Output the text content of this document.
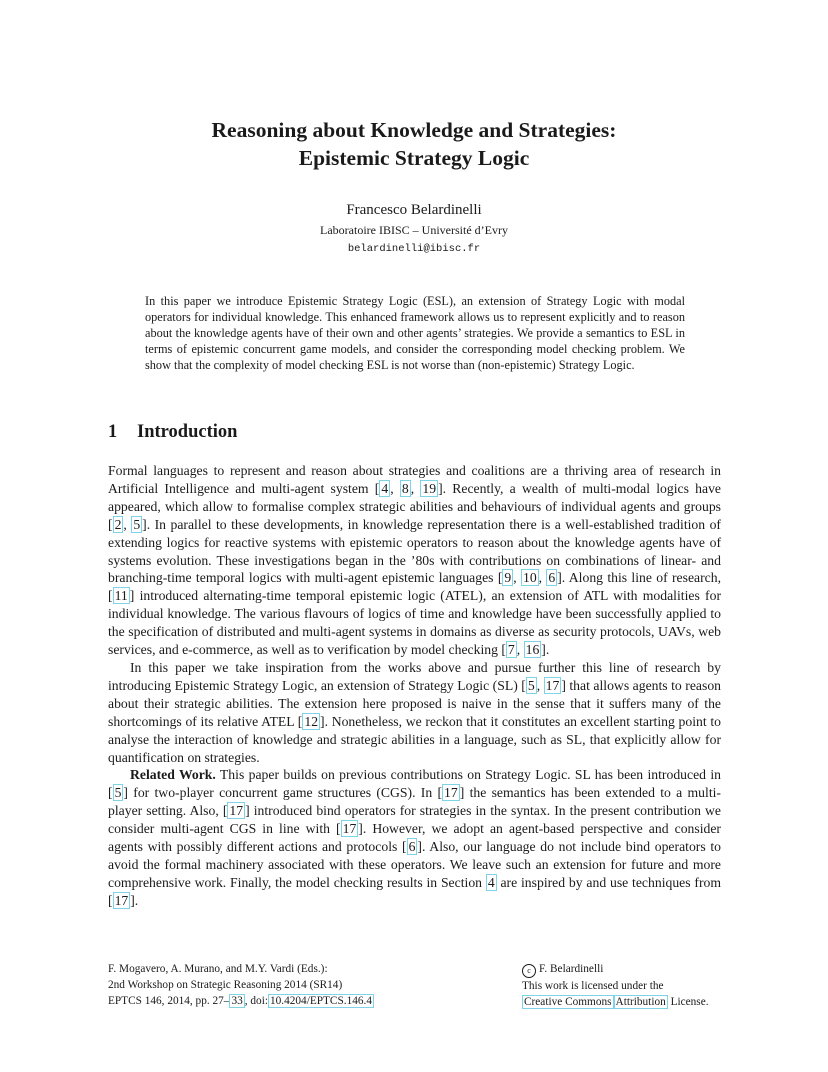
Reasoning about Knowledge and Strategies:
Epistemic Strategy Logic
Francesco Belardinelli
Laboratoire IBISC – Université d’Evry
belardinelli@ibisc.fr
In this paper we introduce Epistemic Strategy Logic (ESL), an extension of Strategy Logic with modal operators for individual knowledge. This enhanced framework allows us to represent explicitly and to reason about the knowledge agents have of their own and other agents’ strategies. We provide a semantics to ESL in terms of epistemic concurrent game models, and consider the corresponding model checking problem. We show that the complexity of model checking ESL is not worse than (non-epistemic) Strategy Logic.
1 Introduction

Formal languages to represent and reason about strategies and coalitions are a thriving area of research in Artificial Intelligence and multi-agent system [ 4 , 8 , 19 ]. Recently, a wealth of multi-modal logics have appeared, which allow to formalise complex strategic abilities and behaviours of individual agents and groups [ 2 , 5 ]. In parallel to these developments, in knowledge representation there is a well-established tradition of extending logics for reactive systems with epistemic operators to reason about the knowledge agents have of systems evolution. These investigations began in the ’80s with contributions on combinations of linear- and branching-time temporal logics with multi-agent epistemic languages [ 9 , 10 , 6 ]. Along this line of research, [ 11 ] introduced alternating-time temporal epistemic logic (ATEL), an extension of ATL with modalities for individual knowledge. The various flavours of logics of time and knowledge have been successfully applied to the specification of distributed and multi-agent systems in domains as diverse as security protocols, UAVs, web services, and e-commerce, as well as to verification by model checking [ 7 , 16 ].

In this paper we take inspiration from the works above and pursue further this line of research by introducing Epistemic Strategy Logic, an extension of Strategy Logic (SL) [ 5 , 17 ] that allows agents to reason about their strategic abilities. The extension here proposed is naive in the sense that it suffers many of the shortcomings of its relative ATEL [ 12 ]. Nonetheless, we reckon that it constitutes an excellent starting point to analyse the interaction of knowledge and strategic abilities in a language, such as SL, that explicitly allow for quantification on strategies.

Related Work. This paper builds on previous contributions on Strategy Logic. SL has been introduced in [ 5 ] for two-player concurrent game structures (CGS). In [ 17 ] the semantics has been extended to a multi-player setting. Also, [ 17 ] introduced bind operators for strategies in the syntax. In the present contribution we consider multi-agent CGS in line with [ 17 ]. However, we adopt an agent-based perspective and consider agents with possibly different actions and protocols [ 6 ]. Also, our language do not include bind operators to avoid the formal machinery associated with these operators. We leave such an extension for future and more comprehensive work. Finally, the model checking results in Section 4 are inspired by and use techniques from [ 17 ].

F. Mogavero, A. Murano, and M.Y. Vardi (Eds.):
2nd Workshop on Strategic Reasoning 2014 (SR14)
EPTCS 146, 2014, pp. 27– 33 , doi: 10.4204/EPTCS.146.4
c F. Belardinelli
This work is licensed under the
Creative Commons Attribution License.
